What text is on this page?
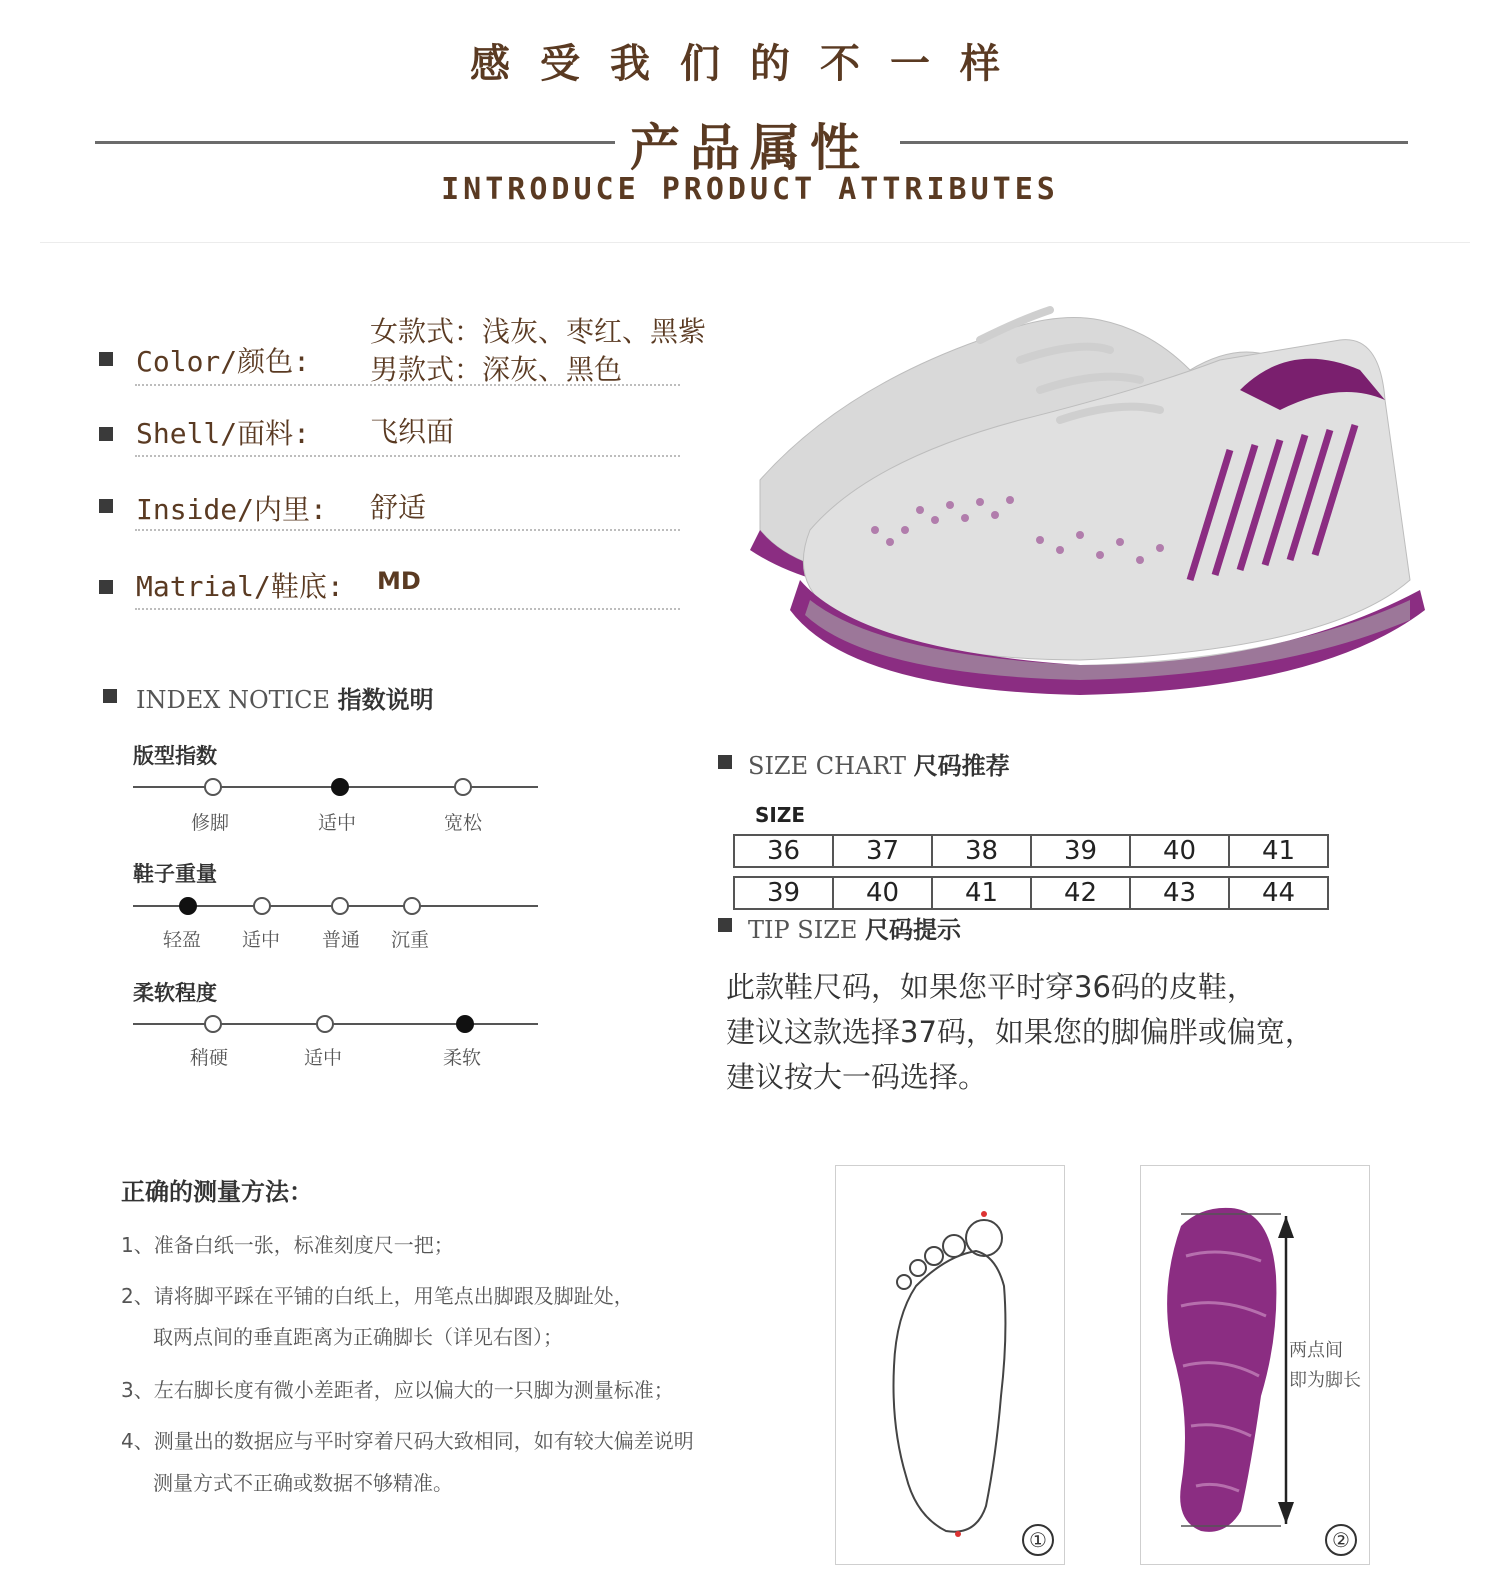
感受我们的不一样
产品属性
INTRODUCE PRODUCT ATTRIBUTES
Color/颜色:
女款式：浅灰、枣红、黑紫
男款式：深灰、黑色
Shell/面料: 飞织面
Inside/内里: 舒适
Matrial/鞋底: MD
INDEX NOTICE 指数说明
版型指数
修脚	适中	宽松
鞋子重量
轻盈 适中 普通 沉重
柔软程度
稍硬	适中	柔软
SIZE CHART 尺码推荐
SIZE
36	37	38	39	40	41
39	40	41	42	43	44
TIP SIZE 尺码提示
此款鞋尺码，如果您平时穿36码的皮鞋，
建议这款选择37码，如果您的脚偏胖或偏宽，
建议按大一码选择。
正确的测量方法：
1、准备白纸一张，标准刻度尺一把；
2、请将脚平踩在平铺的白纸上，用笔点出脚跟及脚趾处，
取两点间的垂直距离为正确脚长（详见右图）；
3、左右脚长度有微小差距者，应以偏大的一只脚为测量标准；
4、测量出的数据应与平时穿着尺码大致相同，如有较大偏差说明
测量方式不正确或数据不够精准。
①
两点间
即为脚长
②
